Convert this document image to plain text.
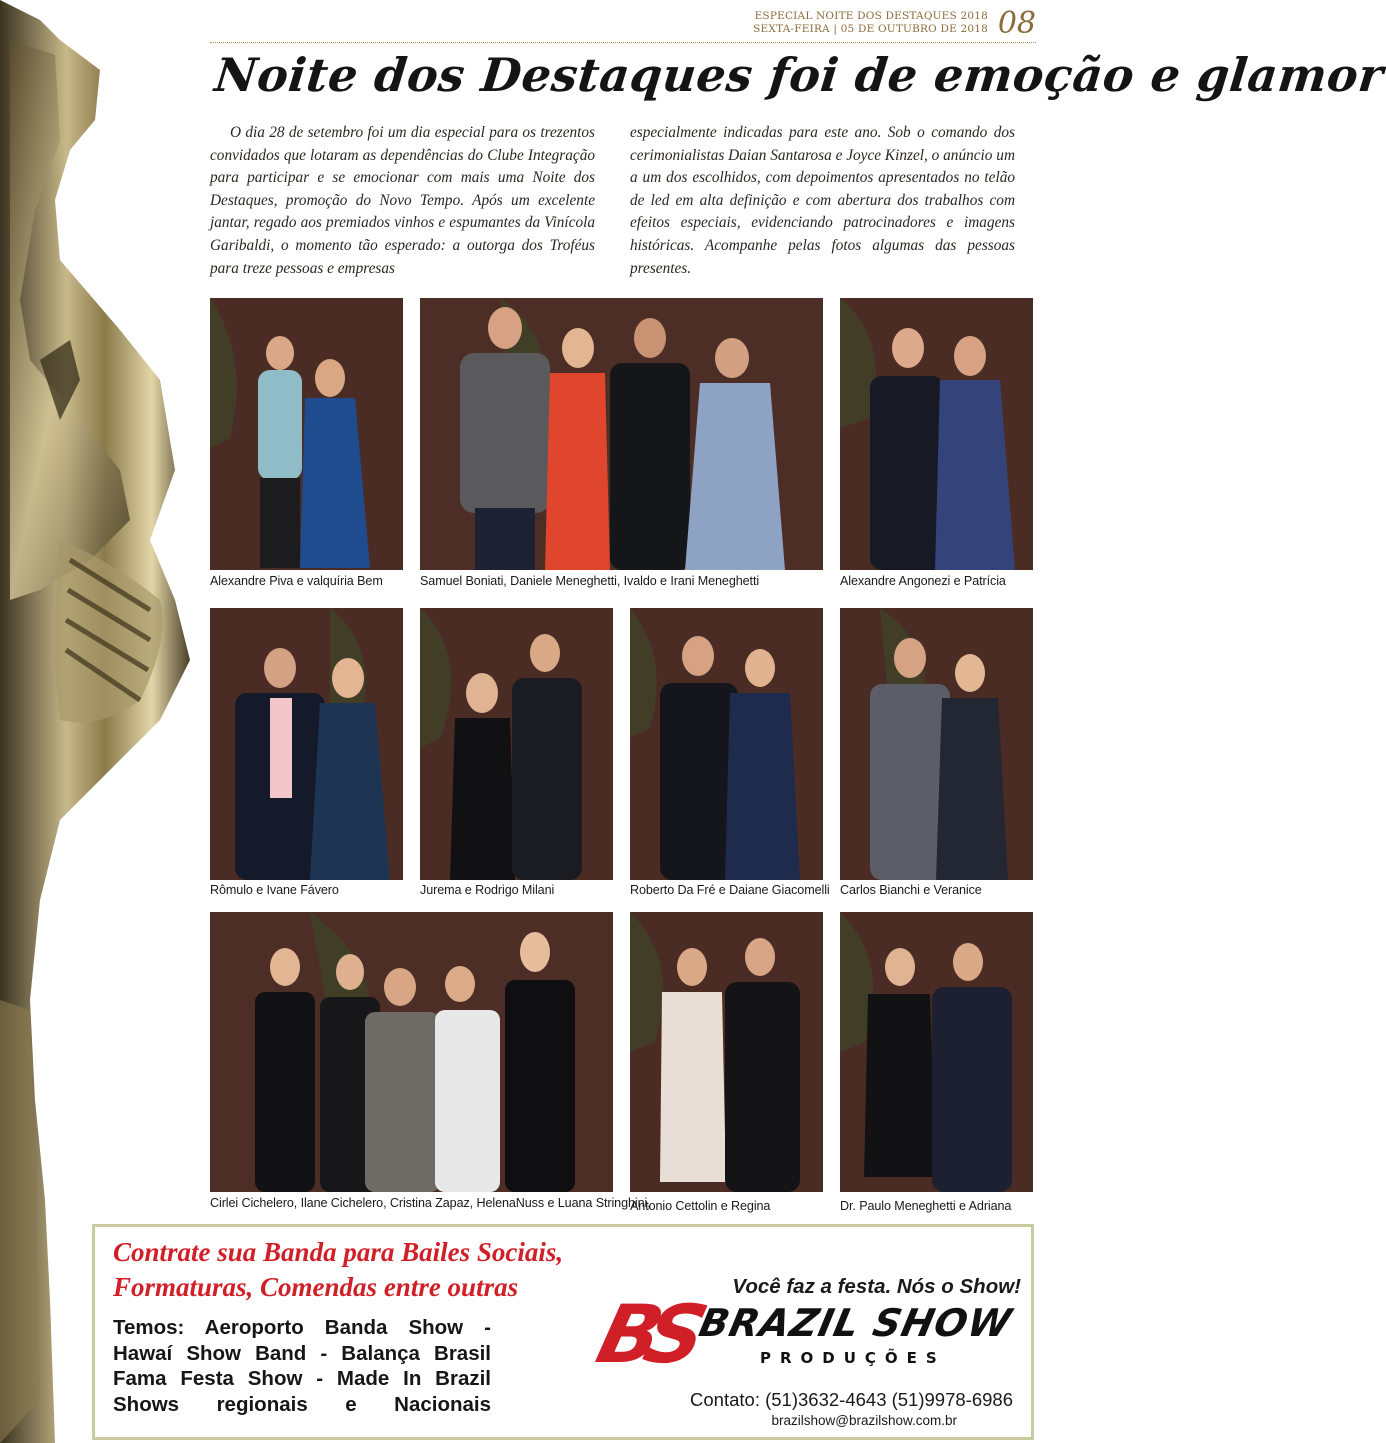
ESPECIAL NOITE DOS DESTAQUES 2018
SEXTA-FEIRA | 05 DE OUTUBRO DE 2018 08
Noite dos Destaques foi de emoção e glamor

O dia 28 de setembro foi um dia especial para os trezentos convidados que lotaram as dependências do Clube Integração para participar e se emocionar com mais uma Noite dos Destaques, promoção do Novo Tempo. Após um excelente jantar, regado aos premiados vinhos e espumantes da Vinícola Garibaldi, o momento tão esperado: a outorga dos Troféus para treze pessoas e empresas

especialmente indicadas para este ano. Sob o comando dos cerimonialistas Daian Santarosa e Joyce Kinzel, o anúncio um a um dos escolhidos, com depoimentos apresentados no telão de led em alta definição e com abertura dos trabalhos com efeitos especiais, evidenciando patrocinadores e imagens históricas. Acompanhe pelas fotos algumas das pessoas presentes.

Alexandre Piva e valquíria Bem	Samuel Boniati, Daniele Meneghetti, Ivaldo e Irani Meneghetti	Alexandre Angonezi e Patrícia
Rômulo e Ivane Fávero	Jurema e Rodrigo Milani	Roberto Da Fré e Daiane Giacomelli Carlos Bianchi e Veranice
Cirlei Cichelero, Ilane Cichelero, Cristina Zapaz, HelenaNuss e Luana Stringhini,
Antonio Cettolin e Regina	Dr. Paulo Meneghetti e Adriana
Contrate sua Banda para Bailes Sociais,
Formaturas, Comendas entre outras
Temos: Aeroporto Banda Show -
Hawaí Show Band - Balança Brasil
Fama Festa Show - Made In Brazil
Shows regionais e Nacionais
Você faz a festa. Nós o Show!
BS
BRAZIL SHOW
PRODUÇÕES
Contato: (51)3632-4643 (51)9978-6986
brazilshow@brazilshow.com.br
